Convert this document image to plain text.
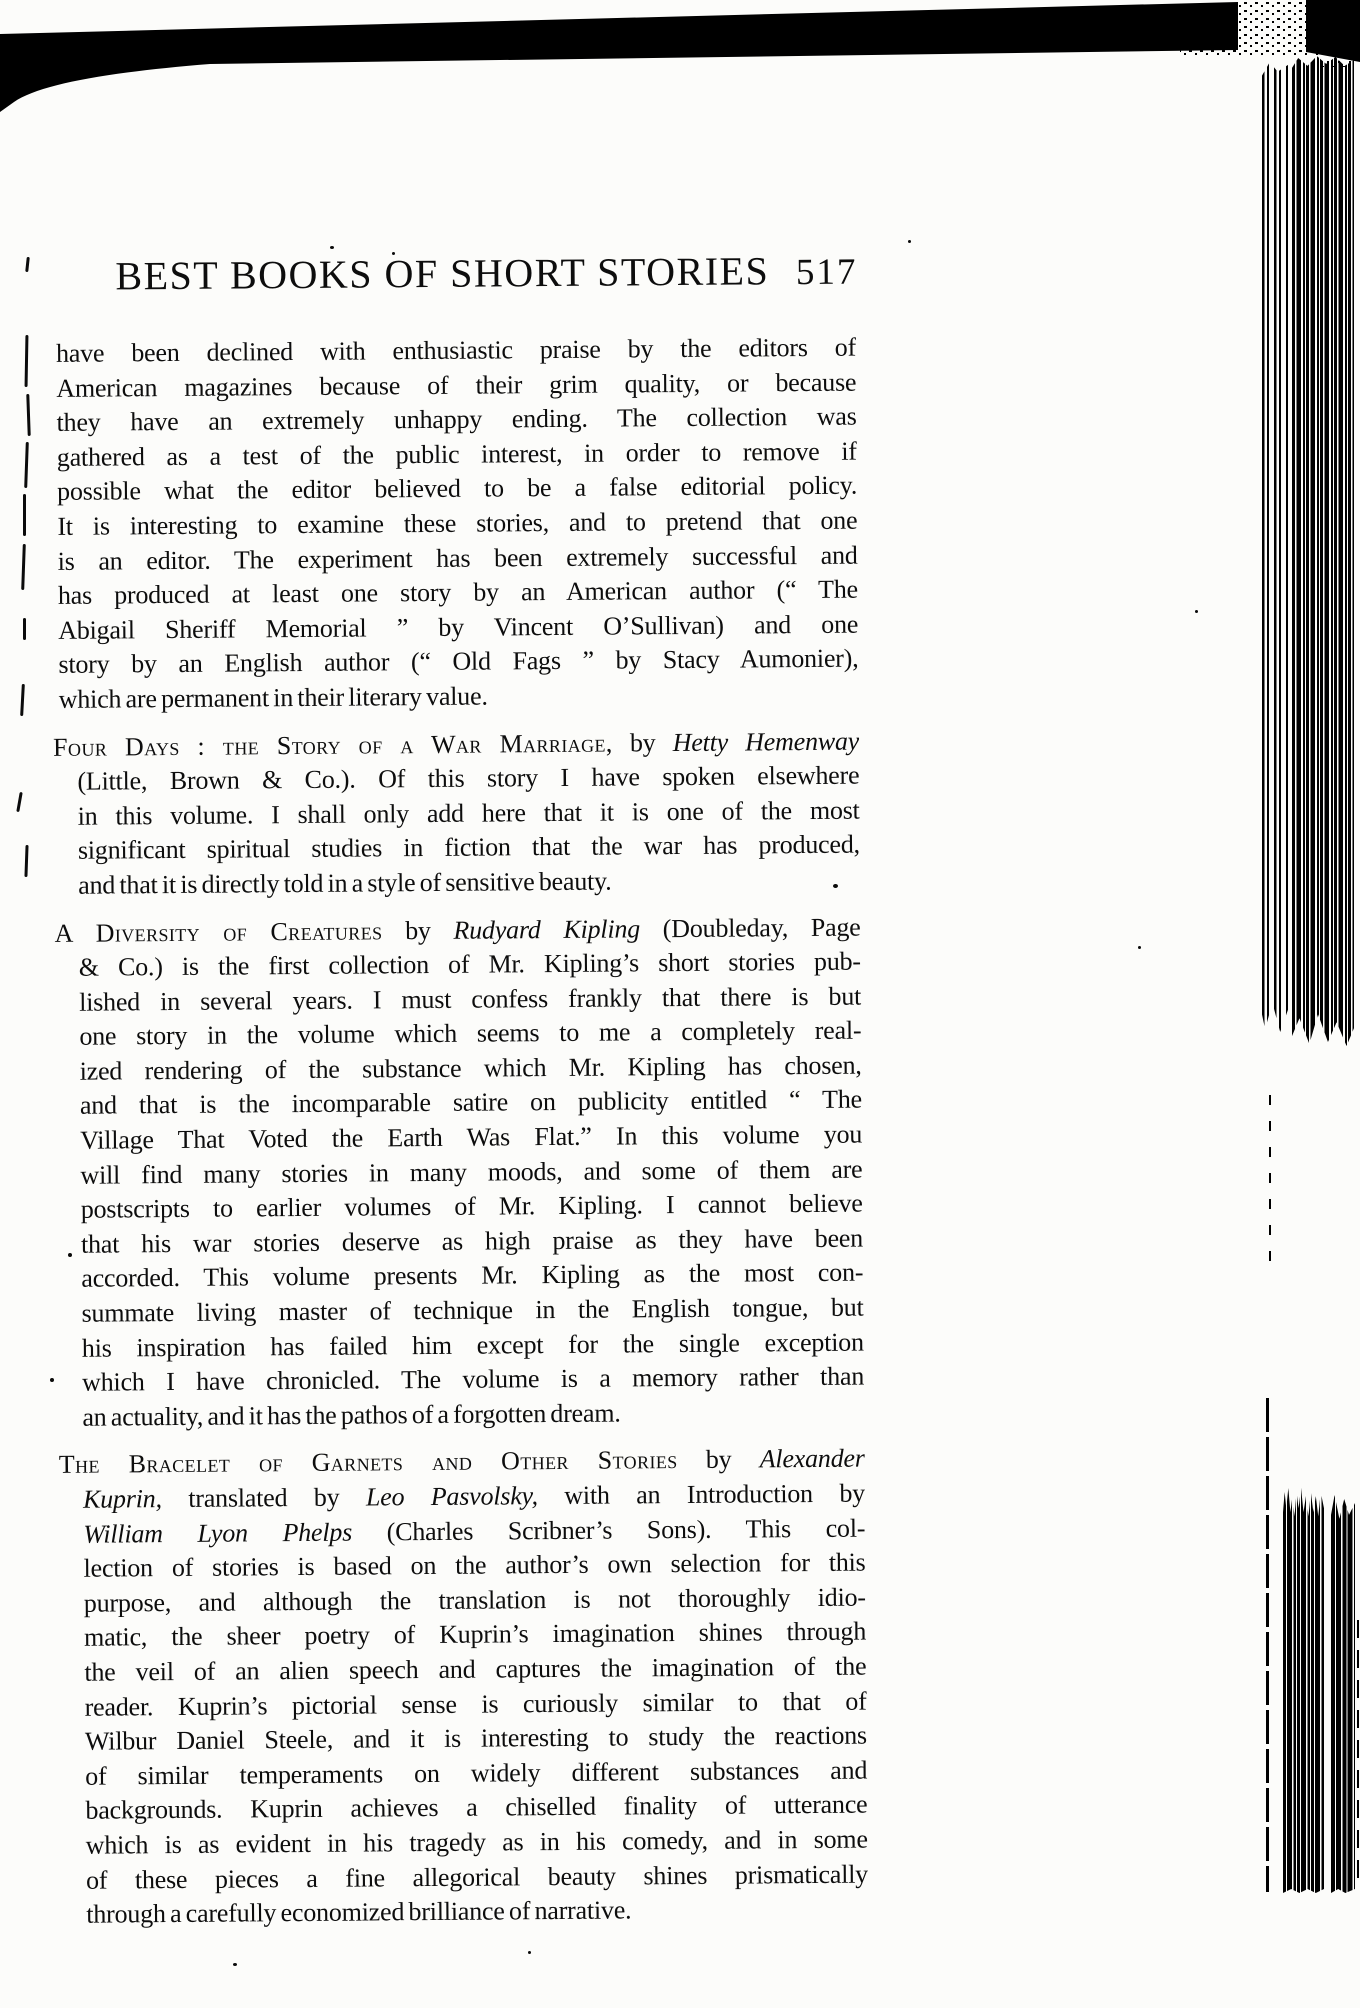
BEST BOOKS OF SHORT STORIES 517
have been declined with enthusiastic praise by the editors of
American magazines because of their grim quality, or because
they have an extremely unhappy ending. The collection was
gathered as a test of the public interest, in order to remove if
possible what the editor believed to be a false editorial policy.
It is interesting to examine these stories, and to pretend that one
is an editor. The experiment has been extremely successful and
has produced at least one story by an American author (“ The
Abigail Sheriff Memorial ” by Vincent O’Sullivan) and one
story by an English author (“ Old Fags ” by Stacy Aumonier),
which are permanent in their literary value.
Four Days : the Story of a War Marriage, by Hetty Hemenway
(Little, Brown & Co.). Of this story I have spoken elsewhere
in this volume. I shall only add here that it is one of the most
significant spiritual studies in fiction that the war has produced,
and that it is directly told in a style of sensitive beauty.
A Diversity of Creatures by Rudyard Kipling (Doubleday, Page
& Co.) is the first collection of Mr. Kipling’s short stories pub-
lished in several years. I must confess frankly that there is but
one story in the volume which seems to me a completely real-
ized rendering of the substance which Mr. Kipling has chosen,
and that is the incomparable satire on publicity entitled “ The
Village That Voted the Earth Was Flat.” In this volume you
will find many stories in many moods, and some of them are
postscripts to earlier volumes of Mr. Kipling. I cannot believe
that his war stories deserve as high praise as they have been
accorded. This volume presents Mr. Kipling as the most con-
summate living master of technique in the English tongue, but
his inspiration has failed him except for the single exception
which I have chronicled. The volume is a memory rather than
an actuality, and it has the pathos of a forgotten dream.
The Bracelet of Garnets and Other Stories by Alexander
Kuprin, translated by Leo Pasvolsky, with an Introduction by
William Lyon Phelps (Charles Scribner’s Sons). This col-
lection of stories is based on the author’s own selection for this
purpose, and although the translation is not thoroughly idio-
matic, the sheer poetry of Kuprin’s imagination shines through
the veil of an alien speech and captures the imagination of the
reader. Kuprin’s pictorial sense is curiously similar to that of
Wilbur Daniel Steele, and it is interesting to study the reactions
of similar temperaments on widely different substances and
backgrounds. Kuprin achieves a chiselled finality of utterance
which is as evident in his tragedy as in his comedy, and in some
of these pieces a fine allegorical beauty shines prismatically
through a carefully economized brilliance of narrative.
